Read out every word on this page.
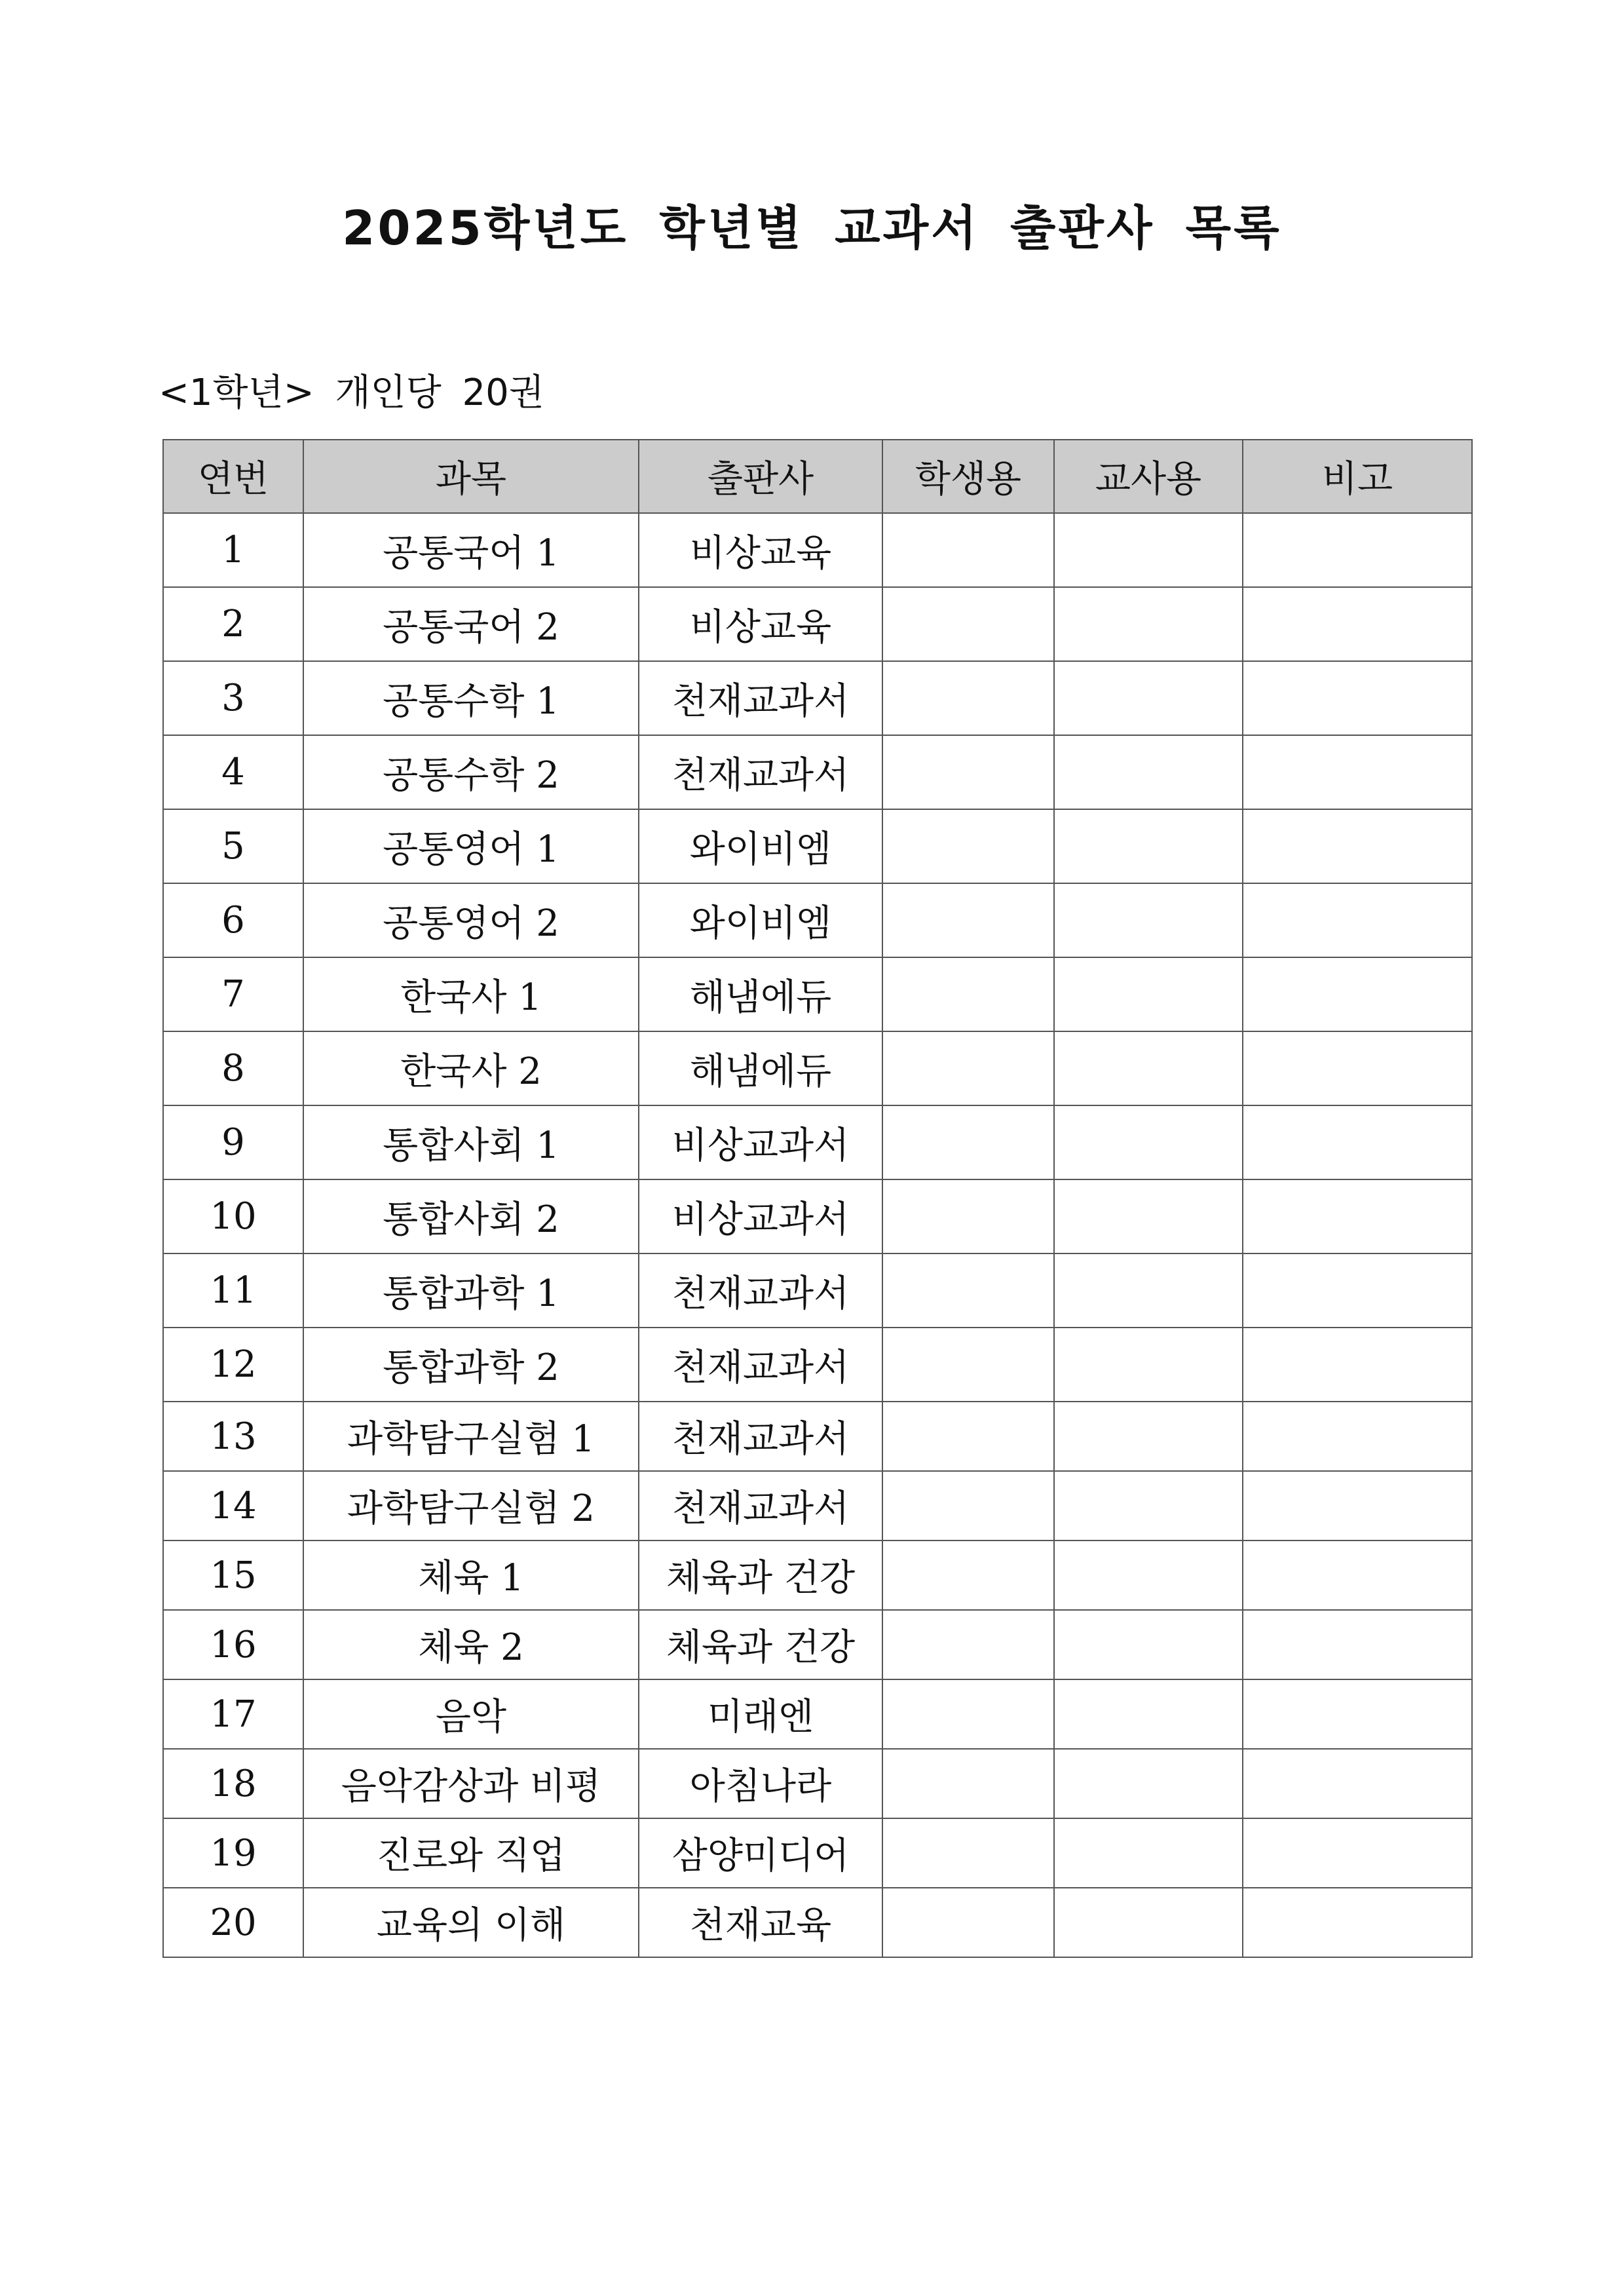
2025학년도 학년별 교과서 출판사 목록

<1학년> 개인당 20권

연번	과목	출판사	학생용	교사용	비고
1	공통국어 1	비상교육			
2	공통국어 2	비상교육			
3	공통수학 1	천재교과서			
4	공통수학 2	천재교과서			
5	공통영어 1	와이비엠			
6	공통영어 2	와이비엠			
7	한국사 1	해냄에듀			
8	한국사 2	해냄에듀			
9	통합사회 1	비상교과서			
10	통합사회 2	비상교과서			
11	통합과학 1	천재교과서			
12	통합과학 2	천재교과서			
13	과학탐구실험 1	천재교과서			
14	과학탐구실험 2	천재교과서			
15	체육 1	체육과 건강			
16	체육 2	체육과 건강			
17	음악	미래엔			
18	음악감상과 비평	아침나라			
19	진로와 직업	삼양미디어			
20	교육의 이해	천재교육			
